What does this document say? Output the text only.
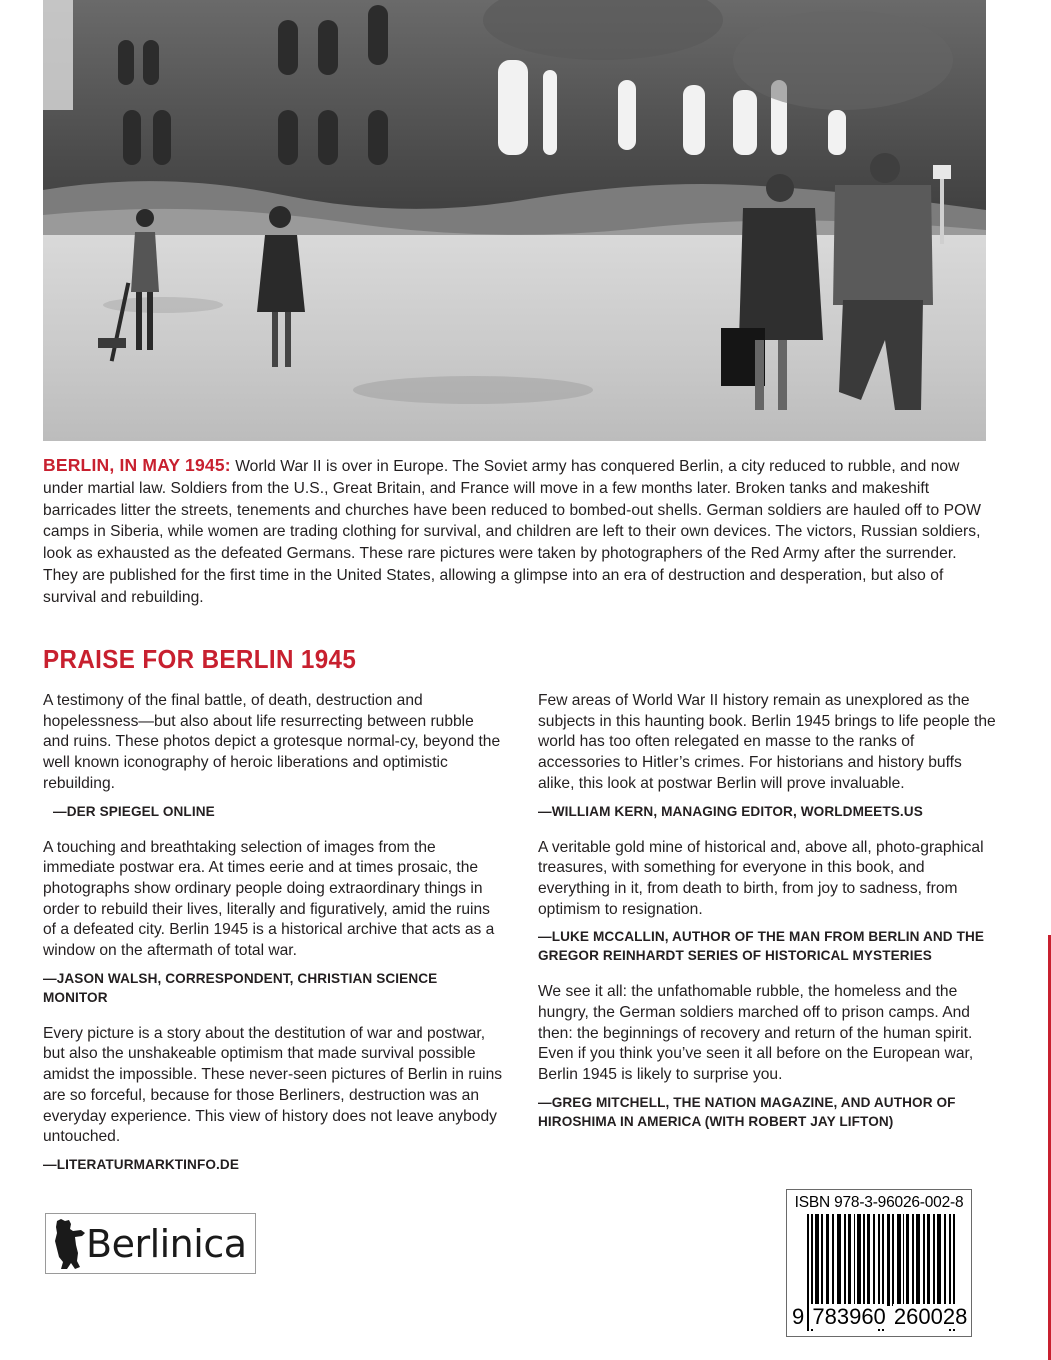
BERLIN, IN MAY 1945: World War II is over in Europe. The Soviet army has conquered Berlin, a city reduced to rubble, and now under martial law. Soldiers from the U.S., Great Britain, and France will move in a few months later. Broken tanks and makeshift barricades litter the streets, tenements and churches have been reduced to bombed-out shells. German soldiers are hauled off to POW camps in Siberia, while women are trading clothing for survival, and children are left to their own devices. The victors, Russian soldiers, look as exhausted as the defeated Germans. These rare pictures were taken by photographers of the Red Army after the surrender. They are published for the first time in the United States, allowing a glimpse into an era of destruction and desperation, but also of survival and rebuilding.
PRAISE FOR BERLIN 1945

A testimony of the final battle, of death, destruction and hopelessness—but also about life resurrecting between rubble and ruins. These photos depict a grotesque normal-cy, beyond the well known iconography of heroic liberations and optimistic rebuilding.

—DER SPIEGEL ONLINE

A touching and breathtaking selection of images from the immediate postwar era. At times eerie and at times prosaic, the photographs show ordinary people doing extraordinary things in order to rebuild their lives, literally and figuratively, amid the ruins of a defeated city. Berlin 1945 is a historical archive that acts as a window on the aftermath of total war.

—JASON WALSH, CORRESPONDENT, CHRISTIAN SCIENCE MONITOR

Every picture is a story about the destitution of war and postwar, but also the unshakeable optimism that made survival possible amidst the impossible. These never-seen pictures of Berlin in ruins are so forceful, because for those Berliners, destruction was an everyday experience. This view of history does not leave anybody untouched.

—LITERATURMARKTINFO.DE

Few areas of World War II history remain as unexplored as the subjects in this haunting book. Berlin 1945 brings to life people the world has too often relegated en masse to the ranks of accessories to Hitler’s crimes. For historians and history buffs alike, this look at postwar Berlin will prove invaluable.

—WILLIAM KERN, MANAGING EDITOR, WORLDMEETS.US

A veritable gold mine of historical and, above all, photo-graphical treasures, with something for everyone in this book, and everything in it, from death to birth, from joy to sadness, from optimism to resignation.

—LUKE MCCALLIN, AUTHOR OF THE MAN FROM BERLIN AND THE GREGOR REINHARDT SERIES OF HISTORICAL MYSTERIES

We see it all: the unfathomable rubble, the homeless and the hungry, the German soldiers marched off to prison camps. And then: the beginnings of recovery and return of the human spirit. Even if you think you’ve seen it all before on the European war, Berlin 1945 is likely to surprise you.

—GREG MITCHELL, THE NATION MAGAZINE, AND AUTHOR OF HIROSHIMA IN AMERICA (WITH ROBERT JAY LIFTON)
Berlinica
ISBN 978-3-96026-002-8
9 783960 260028
